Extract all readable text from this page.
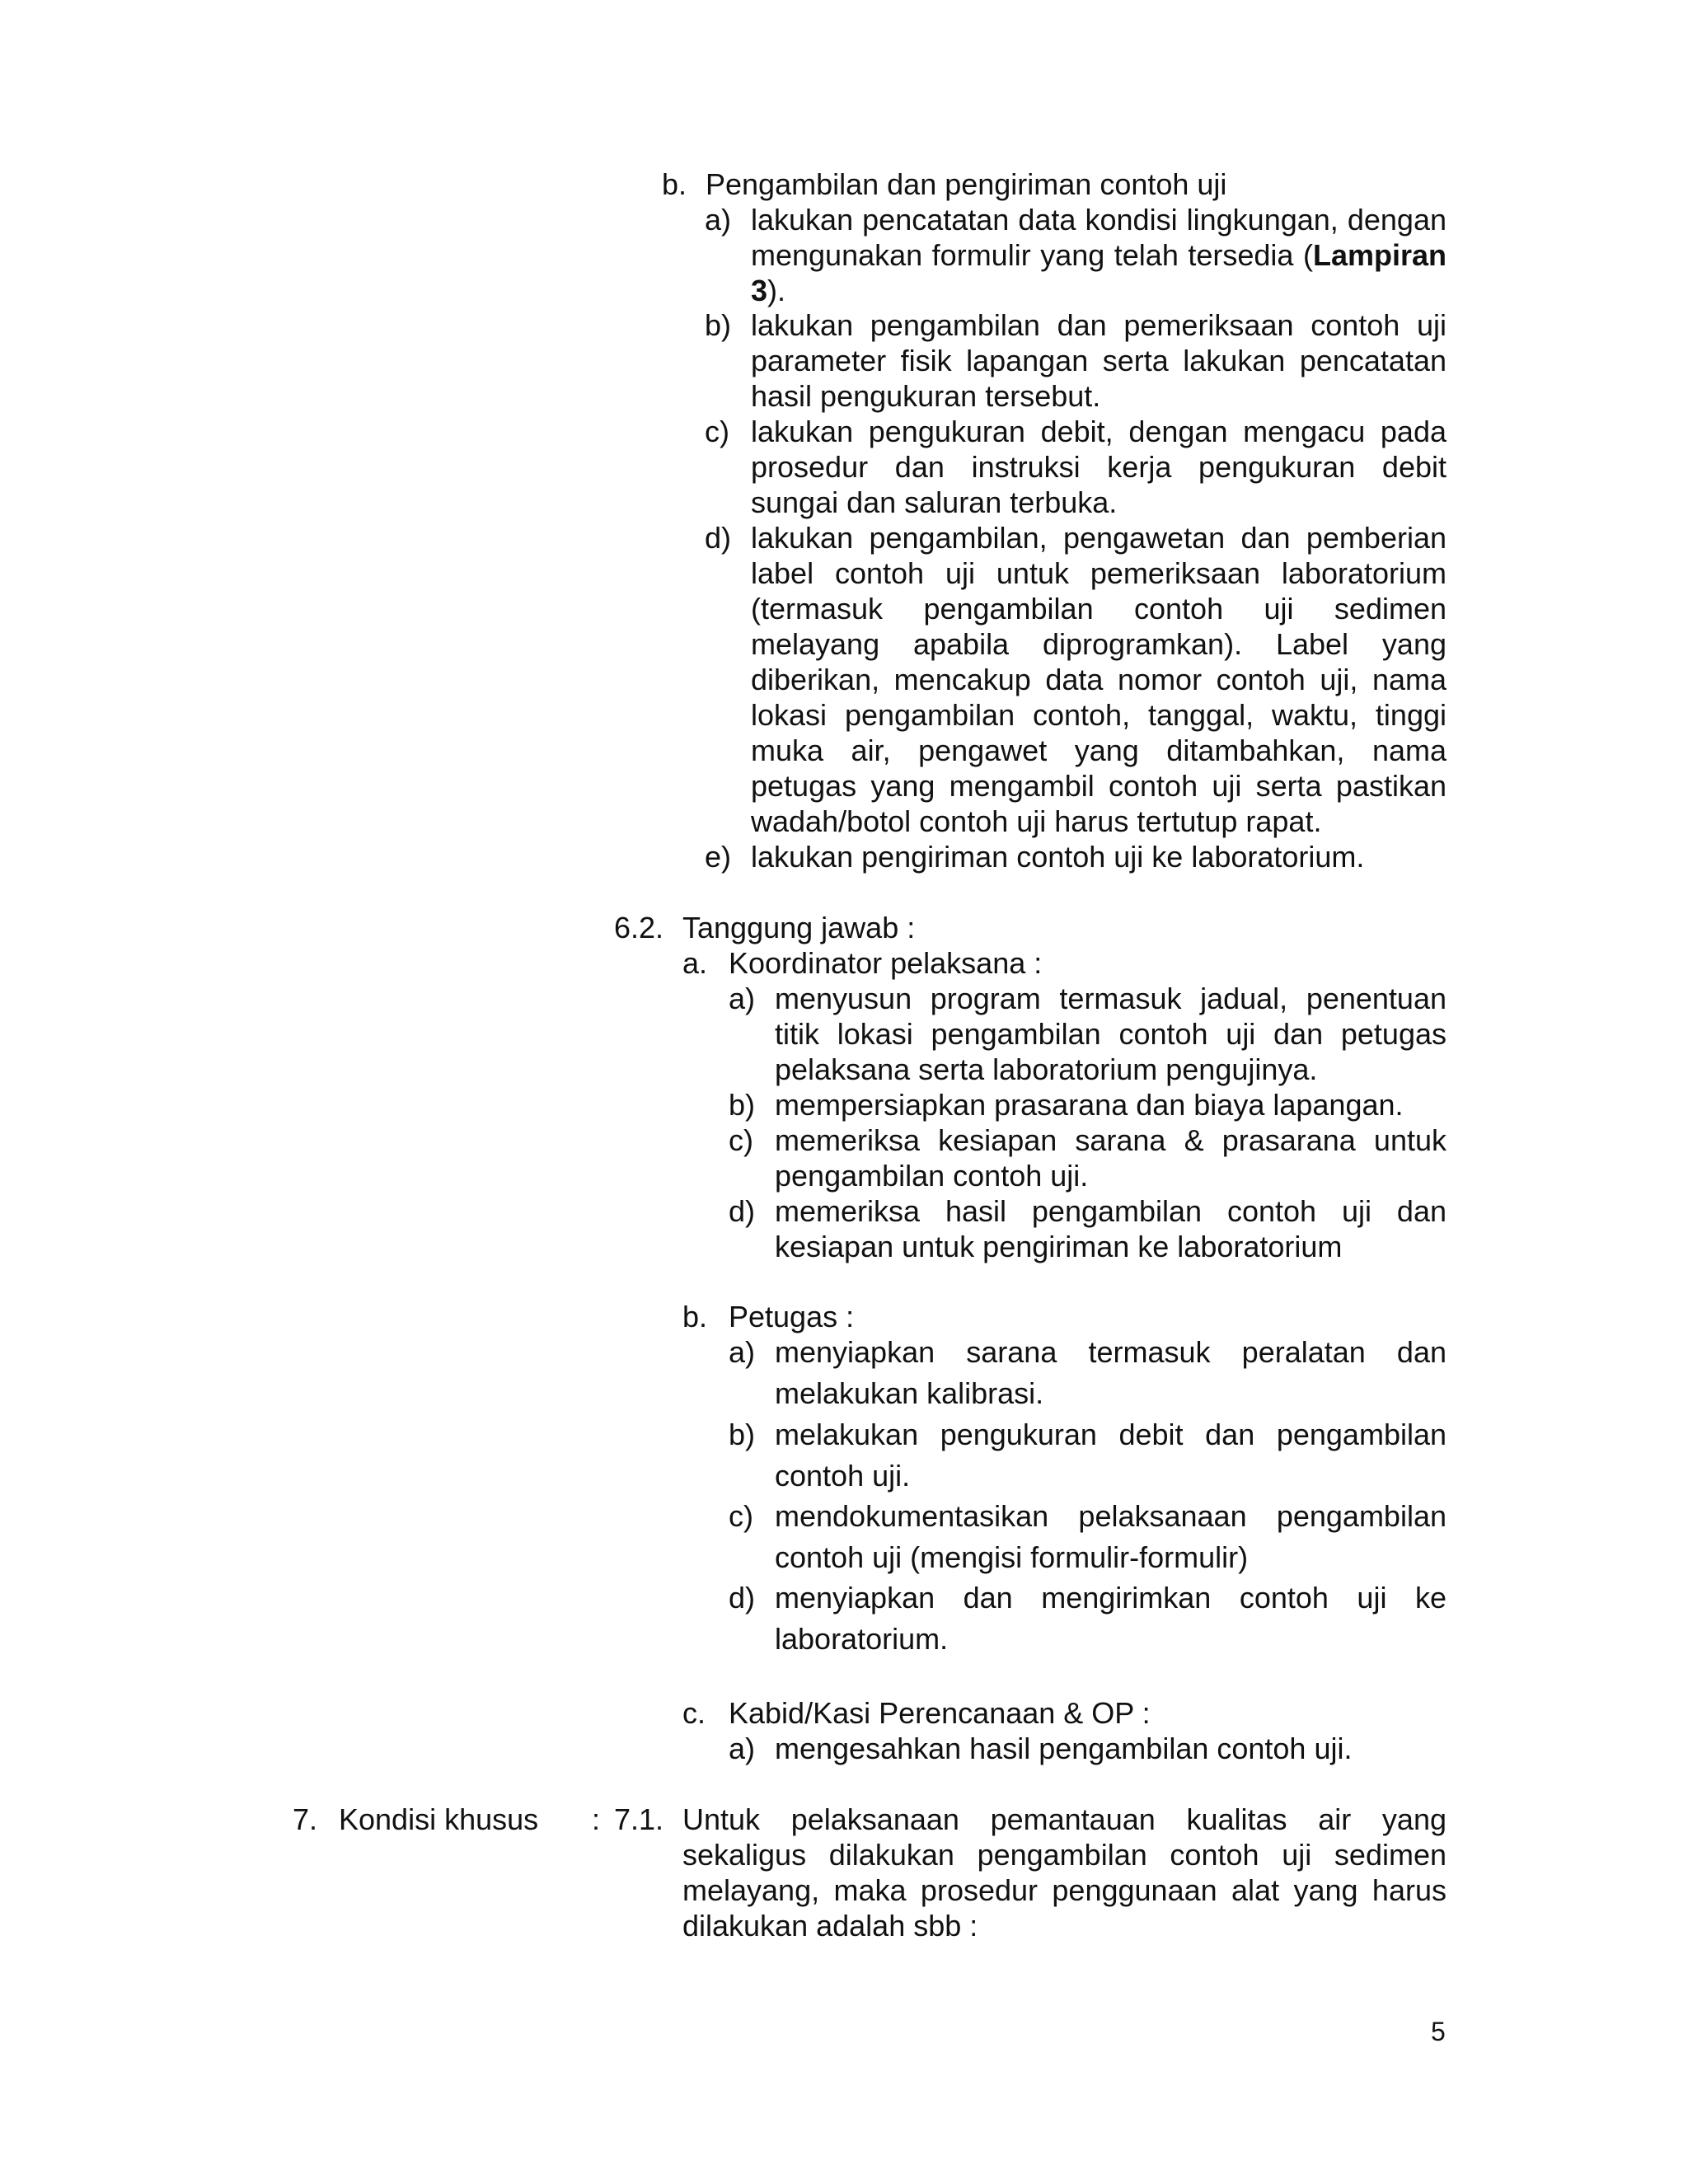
b. Pengambilan dan pengiriman contoh uji
a) lakukan pencatatan data kondisi lingkungan, dengan mengunakan formulir yang telah tersedia (Lampiran 3).
b) lakukan pengambilan dan pemeriksaan contoh uji parameter fisik lapangan serta lakukan pencatatan hasil pengukuran tersebut.
c) lakukan pengukuran debit, dengan mengacu pada prosedur dan instruksi kerja pengukuran debit sungai dan saluran terbuka.
d) lakukan pengambilan, pengawetan dan pemberian label contoh uji untuk pemeriksaan laboratorium (termasuk pengambilan contoh uji sedimen melayang apabila diprogramkan). Label yang diberikan, mencakup data nomor contoh uji, nama lokasi pengambilan contoh, tanggal, waktu, tinggi muka air, pengawet yang ditambahkan, nama petugas yang mengambil contoh uji serta pastikan wadah/botol contoh uji harus tertutup rapat.
e) lakukan pengiriman contoh uji ke laboratorium.
6.2. Tanggung jawab :
a. Koordinator pelaksana :
a) menyusun program termasuk jadual, penentuan titik lokasi pengambilan contoh uji dan petugas pelaksana serta laboratorium pengujinya.
b) mempersiapkan prasarana dan biaya lapangan.
c) memeriksa kesiapan sarana & prasarana untuk pengambilan contoh uji.
d) memeriksa hasil pengambilan contoh uji dan kesiapan untuk pengiriman ke laboratorium
b. Petugas :
a) menyiapkan sarana termasuk peralatan dan melakukan kalibrasi.
b) melakukan pengukuran debit dan pengambilan contoh uji.
c) mendokumentasikan pelaksanaan pengambilan contoh uji (mengisi formulir-formulir)
d) menyiapkan dan mengirimkan contoh uji ke laboratorium.
c. Kabid/Kasi Perencanaan & OP :
a) mengesahkan hasil pengambilan contoh uji.
7. Kondisi khusus : 7.1. Untuk pelaksanaan pemantauan kualitas air yang sekaligus dilakukan pengambilan contoh uji sedimen melayang, maka prosedur penggunaan alat yang harus dilakukan adalah sbb :
5
